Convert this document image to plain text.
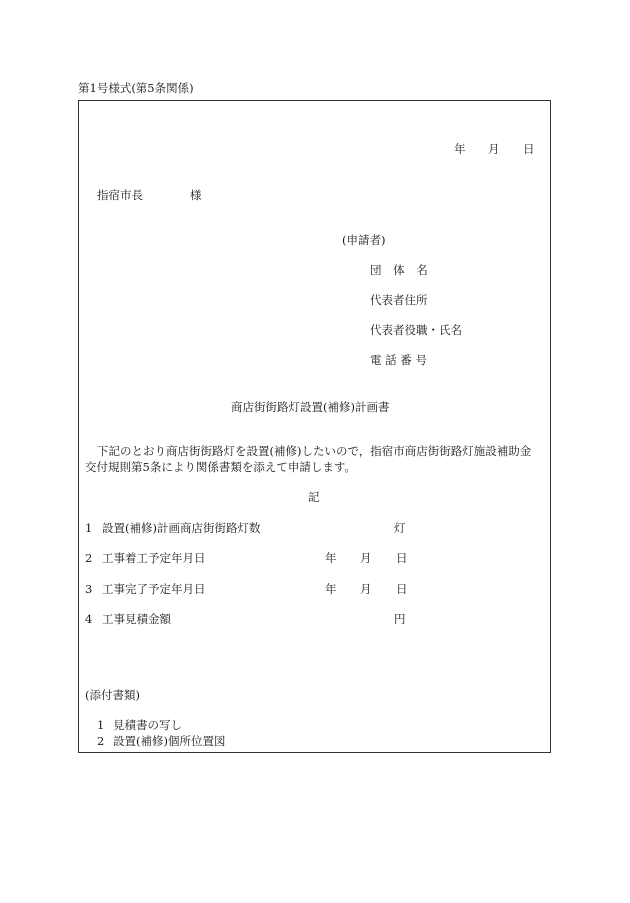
第1号様式(第5条関係)
年 月 日
指宿市長	様
(申請者)
団 体 名
代表者住所
代表者役職・氏名
電 話 番 号
商店街街路灯設置(補修)計画書
下記のとおり商店街街路灯を設置(補修)したいので，指宿市商店街街路灯施設補助金
交付規則第5条により関係書類を添えて申請します。
記
1 設置(補修)計画商店街街路灯数	灯
2 工事着工予定年月日	年 月 日
3 工事完了予定年月日	年 月 日
4 工事見積金額	円
(添付書類)
1 見積書の写し
2 設置(補修)個所位置図
